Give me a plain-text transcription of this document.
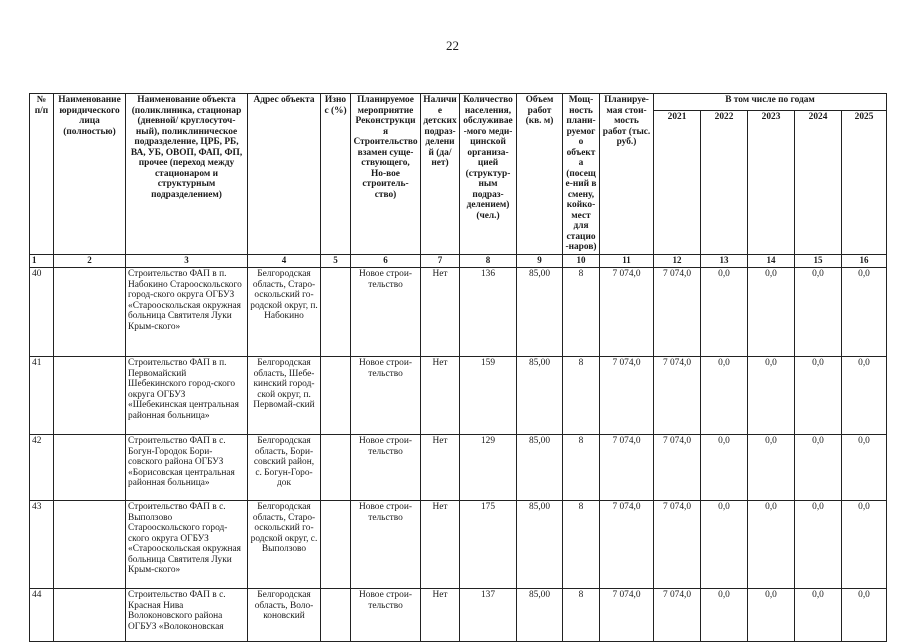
22
№ п/п	Наименование юридического лица (полностью)	Наименование объекта (поликлиника, стационар (дневной/ круглосуточ-ный), поликлиническое подразделение, ЦРБ, РБ, ВА, УБ, ОВОП, ФАП, ФП, прочее (переход между стационаром и структурным подразделением)	Адрес объекта	Износ (%)	Планируемое мероприятие Реконструкция Строительство взамен суще-ствующего, Но-вое строитель-ство)	Наличие детских подраз-делений (да/нет)	Количество населения, обслуживае-мого меди-цинской организа-цией (структур-ным подраз-делением) (чел.)	Объем работ (кв. м)	Мощ-ность плани-руемого объекта (посеще-ний в смену, койко-мест для стацио-наров)	Планируе-мая стои-мость работ (тыс. руб.)	В том числе по годам				
											2021	2022	2023	2024	2025
1	2	3	4	5	6	7	8	9	10	11	12	13	14	15	16
40		Строительство ФАП в п. Набокино Старооскольского город-ского округа ОГБУЗ «Старооскольская окружная больница Святителя Луки Крым-ского»	Белгородская область, Старо-оскольский го-родской округ, п. Набокино		Новое строи-тельство	Нет	136	85,00	8	7 074,0	7 074,0	0,0	0,0	0,0	0,0
41		Строительство ФАП в п. Первомайский Шебекинского город-ского округа ОГБУЗ «Шебекинская центральная районная больница»	Белгородская область, Шебе-кинский город-ской округ, п. Первомай-ский		Новое строи-тельство	Нет	159	85,00	8	7 074,0	7 074,0	0,0	0,0	0,0	0,0
42		Строительство ФАП в с. Богун-Городок Бори-совского района ОГБУЗ «Борисовская центральная районная больница»	Белгородская область, Бори-совский район, с. Богун-Горо-док		Новое строи-тельство	Нет	129	85,00	8	7 074,0	7 074,0	0,0	0,0	0,0	0,0
43		Строительство ФАП в с. Выползово Старооскольского город-ского округа ОГБУЗ «Старооскольская окружная больница Святителя Луки Крым-ского»	Белгородская область, Старо-оскольский го-родской округ, с. Выползово		Новое строи-тельство	Нет	175	85,00	8	7 074,0	7 074,0	0,0	0,0	0,0	0,0
44		Строительство ФАП в с. Красная Нива Волоконовского района ОГБУЗ «Волоконовская	Белгородская область, Воло-коновский		Новое строи-тельство	Нет	137	85,00	8	7 074,0	7 074,0	0,0	0,0	0,0	0,0
